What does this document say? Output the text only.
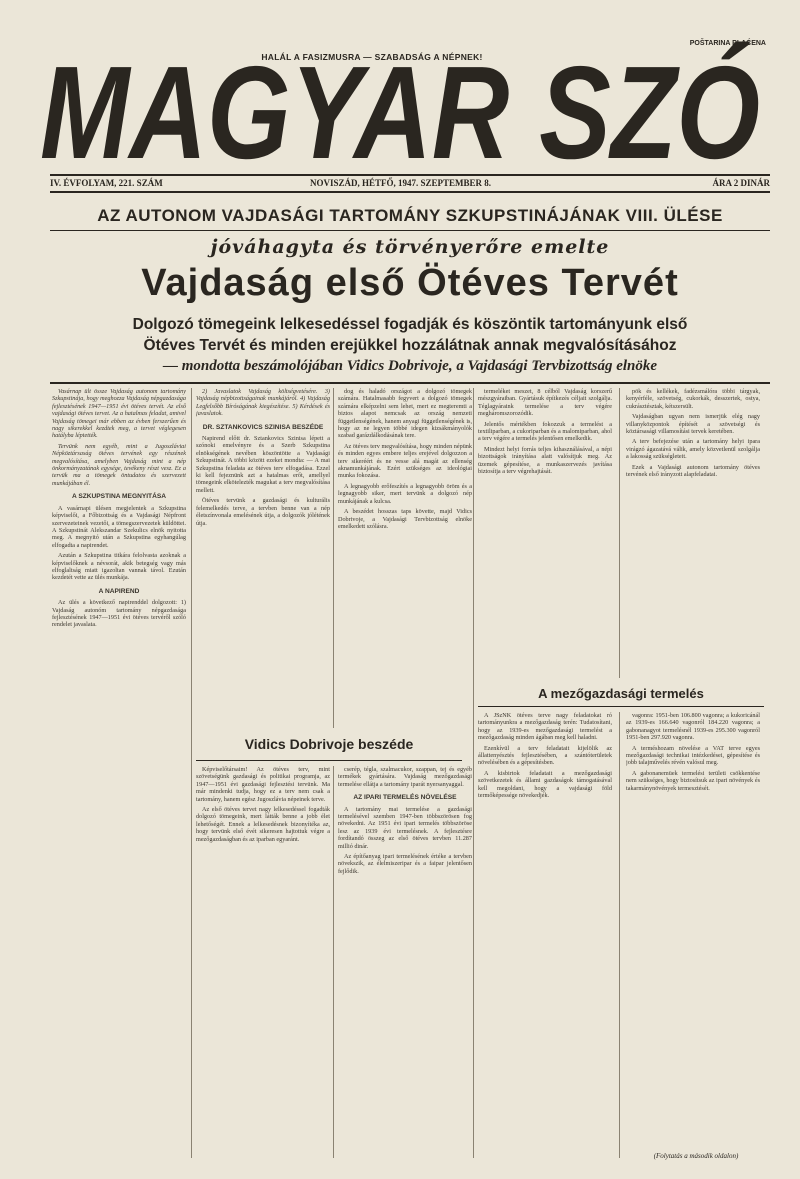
HALÁL A FASIZMUSRA — SZABADSÁG A NÉPNEK!
POŠTARINA PLAĆENA
MAGYAR SZÓ
IV. ÉVFOLYAM, 221. SZÁM	NOVISZÁD, HÉTFŐ, 1947. SZEPTEMBER 8.	ÁRA 2 DINÁR
AZ AUTONOM VAJDASÁGI TARTOMÁNY SZKUPSTINÁJÁNAK VIII. ÜLÉSE
jóváhagyta és törvényerőre emelte
Vajdaság első Ötéves Tervét
Dolgozó tömegeink lelkesedéssel fogadják és köszöntik tartományunk első
Ötéves Tervét és minden erejükkel hozzálátnak annak megvalósításához
— mondotta beszámolójában Vidics Dobrivoje, a Vajdasági Tervbizottság elnöke

Vasárnap ült össze Vajdaság autonom tartomány Szkupstinája, hogy meghozza Vajdaság népgazdasága fejlesztésének 1947—1951 évi ötéves tervét. Az első vajdasági ötéves tervet. Az a hatalmas feladat, amivel Vajdaság tömegei már ebben az évben ferszerűen és nagy sikerekkel kezdtek meg, a tervet véglegesen hatályba léptették.

Tervünk nem egyéb, mint a Jugoszláviai Népköztársaság ötéves tervének egy részének megvalósítása, amelyben Vajdaság mint a nép önkormányzatának egysége, tevékeny részt vesz. Ez a tervük ma a tömegek öntudatos és szervezett munkájában él.

A SZKUPSTINA MEGNYITÁSA

A vasárnapi ülésen megjelentek a Szkupstina képviselői, a Főbizottság és a Vajdasági Népfront szervezeteinek vezetői, a tömegszervezetek küldöttei. A Szkupstinát Alekszandar Szekulics elnök nyitotta meg. A megnyitó után a Szkupstina egyhangúlag elfogadta a napirendet.

Azután a Szkupstina titkára felolvasta azoknak a képviselőknek a névsorát, akik betegség vagy más elfoglaltság miatt igazoltan vannak távol. Ezután kezdetét vette az ülés munkája.

A NAPIREND

Az ülés a következő napirenddel dolgozott: 1) Vajdaság autonóm tartomány népgazdasága fejlesztésének 1947—1951 évi ötéves tervéről szóló rendelet javaslata.

2) Javaslatok Vajdaság költségvetésére. 3) Vajdaság népbizottságainak munkájáról. 4) Vajdaság Legfelsőbb Bíróságának kiegészítése. 5) Kérdések és javaslatok.

DR. SZTANKOVICS SZINISA BESZÉDE

Napirend előtt dr. Sztankovics Szinisa lépett a szónoki emelvényre és a Szerb Szkupstina elnökségének nevében köszöntötte a Vajdasági Szkupstinát. A többi között ezeket mondta: — A mai Szkupstina feladata az ötéves terv elfogadása. Ezzel ki kell fejeznünk azt a hatalmas erőt, amellyel tömegeink elkötelezték magukat a terv megvalósítása mellett.

Ötéves tervünk a gazdasági és kulturális felemelkedés terve, a tervben benne van a nép életszínvonala emelésének útja, a dolgozók jólétének útja.

dog és haladó országot a dolgozó tömegek számára. Hatalmasabb fegyvert a dolgozó tömegek számára elképzelni sem lehet, mert ez megteremti a biztos alapot nemcsak az ország nemzeti függetlenségének, hanem anyagi függetlenségének is, hogy az ne legyen többé idegen kizsákmányolók szabad garázdálkodásának tere.

Az ötéves terv megvalósítása, hogy minden népünk és minden egyes embere teljes erejével dolgozzon a terv sikeréért és ne vesse alá magát az ellenség aknamunkájának. Ezért szükséges az ideológiai munka fokozása.

A legnagyobb erőfeszítés a legnagyobb öröm és a legnagyobb siker, mert tervünk a dolgozó nép munkájának a kulcsa.

A beszédet hosszas taps követte, majd Vidics Dobrivoje, a Vajdasági Tervbizottság elnöke emelkedett szólásra.

Vidics Dobrivoje beszéde

Képviselőtársaim! Az ötéves terv, mint szövetségünk gazdasági és politikai programja, az 1947—1951 évi gazdasági fejlesztési tervünk. Ma már mindenki tudja, hogy ez a terv nem csak a tartomány, hanem egész Jugoszlávia népeinek terve.

Az első ötéves tervet nagy lelkesedéssel fogadták dolgozó tömegeink, mert látták benne a jobb élet lehetőségét. Ennek a lelkesedésnek bizonyítéka az, hogy tervünk első évét sikeresen hajtottuk végre a mezőgazdaságban és az iparban egyaránt.

cserép, tégla, szalmacukor, szappan, tej és egyéb termékek gyártására. Vajdaság mezőgazdasági termelése ellátja a tartomány iparát nyersanyaggal.

AZ IPARI TERMELÉS NÖVELÉSE

A tartomány mai termelése a gazdasági termelésével szemben 1947-ben többszörösen fog növekedni. Az 1951 évi ipari termelés többszöröse lesz az 1939 évi termelésnek. A fejlesztésre fordítandó összeg az első ötéves tervben 11.287 millió dinár.

Az építőanyag ipari termelésének értéke a tervben növekszik, az élelmiszeripar és a faipar jelentősen fejlődik.

termeléket meszet, 8 célból Vajdaság korszerű mészgyáraiban. Gyártásuk építkezés céljait szolgálja. Téglagyáraink termelése a terv végére megháromszorozódik.

Jelentős mértékben fokozzuk a termelést a textiliparban, a cukoriparban és a malomiparban, ahol a terv végére a termelés jelentősen emelkedik.

Mindezt helyi forrás teljes kihasználásával, a népi bizottságok irányítása alatt valósítjuk meg. Az üzemek gépesítése, a munkaszervezés javítása biztosítja a terv végrehajtását.

pök és kellékek, fadézsmálóra többi tárgyak, kenyérféle, szövetség, cukorkák, desszertek, ostya, cukrásztésztak, kétszersült.

Vajdaságban ugyan nem ismerjük elég nagy villanyközpontok építését a szövetségi és köztársasági villamosítási tervek keretében.

A terv befejezése után a tartomány helyi ipara virágzó ágazatává válik, amely közvetlenül szolgálja a lakosság szükségleteit.

Ezek a Vajdasági autonom tartomány ötéves tervének első irányzott alapfeladatai.

A mezőgazdasági termelés

A JSzNK ötéves terve nagy feladatokat ró tartományunkra a mezőgazdaság terén: Tudatosítani, hogy az 1939-es mezőgazdasági termelést a mezőgazdaság minden ágában meg kell haladni.

Ezenkívül a terv feladatait kijelölik az állattenyésztés fejlesztésében, a szántóterületek növelésében és a gépesítésben.

A kisbirtok feladatait a mezőgazdasági szövetkezetek és állami gazdaságok támogatásával kell megoldani, hogy a vajdasági föld termőképessége növekedjék.

vagonra: 1951-ben 106.800 vagonra; a kukoricánál az 1939-es 166.640 vagonról 184.220 vagonra; a gabonanagyot termelésnél 1939-es 295.300 vagonról 1951-ben 297.920 vagonra.

A terméshozam növelése a VAT terve egyes mezőgazdasági technikai intézkedései, gépesítése és jobb talajművelés révén valósul meg.

A gabonanemüek termelési területi csökkentése nem szükséges, hogy biztosítsuk az ipari növények és takarmánynövények termesztését.

(Folytatás a második oldalon)
